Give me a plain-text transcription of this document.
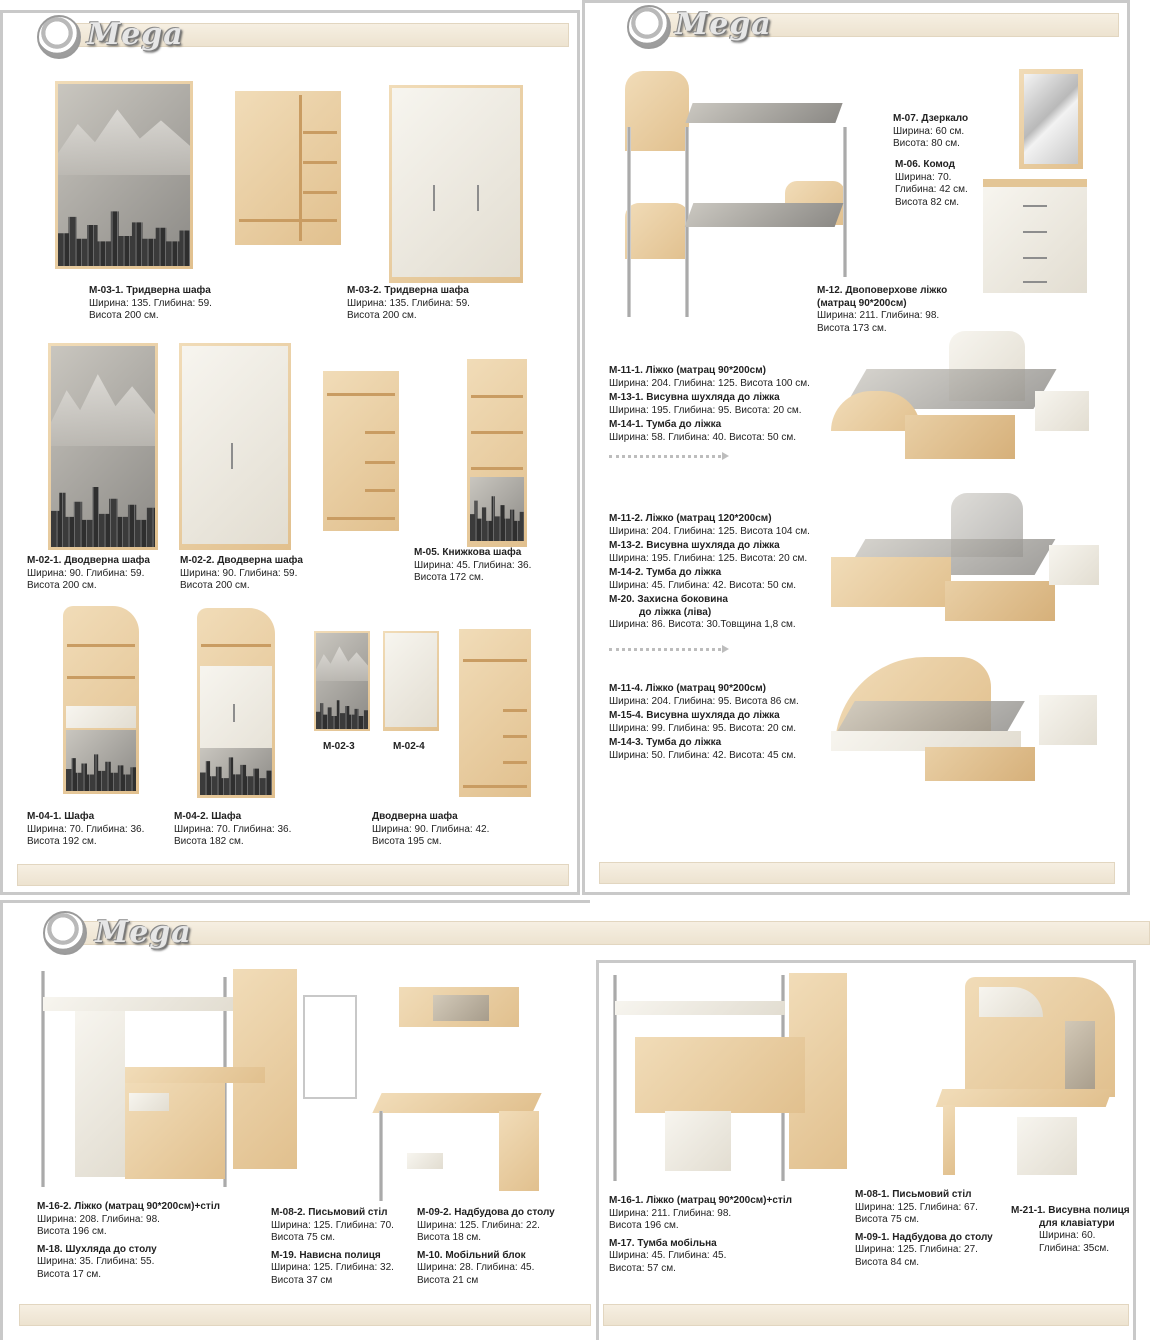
Mega
M-03-1. Тридверна шафа
Ширина: 135. Глибина: 59.
Висота 200 см.
M-03-2. Тридверна шафа
Ширина: 135. Глибина: 59.
Висота 200 см.
M-02-1. Дводверна шафа
Ширина: 90. Глибина: 59.
Висота 200 см.
M-02-2. Дводверна шафа
Ширина: 90. Глибина: 59.
Висота 200 см.
M-05. Книжкова шафа
Ширина: 45. Глибина: 36.
Висота 172 см.
M-02-3	M-02-4
M-04-1. Шафа
Ширина: 70. Глибина: 36.
Висота 192 см.
M-04-2. Шафа
Ширина: 70. Глибина: 36.
Висота 182 см.
Дводверна шафа
Ширина: 90. Глибина: 42.
Висота 195 см.
Mega
M-07. Дзеркало
Ширина: 60 см.
Висота: 80 см.
M-06. Комод
Ширина: 70.
Глибина: 42 см.
Висота 82 см.
M-12. Двоповерхове ліжко
(матрац 90*200см)
Ширина: 211. Глибина: 98.
Висота 173 см.
M-11-1. Ліжко (матрац 90*200см)
Ширина: 204. Глибина: 125. Висота 100 см.
M-13-1. Висувна шухляда до ліжка
Ширина: 195. Глибина: 95. Висота: 20 см.
M-14-1. Тумба до ліжка
Ширина: 58. Глибина: 40. Висота: 50 см.
M-11-2. Ліжко (матрац 120*200см)
Ширина: 204. Глибина: 125. Висота 104 см.
M-13-2. Висувна шухляда до ліжка
Ширина: 195. Глибина: 125. Висота: 20 см.
M-14-2. Тумба до ліжка
Ширина: 45. Глибина: 42. Висота: 50 см.
M-20. Захисна боковина
до ліжка (ліва)
Ширина: 86. Висота: 30.Товщина 1,8 см.
M-11-4. Ліжко (матрац 90*200см)
Ширина: 204. Глибина: 95. Висота 86 см.
M-15-4. Висувна шухляда до ліжка
Ширина: 99. Глибина: 95. Висота: 20 см.
M-14-3. Тумба до ліжка
Ширина: 50. Глибина: 42. Висота: 45 см.
Mega
M-16-2. Ліжко (матрац 90*200см)+стіл
Ширина: 208. Глибина: 98.
Висота 196 см.
M-18. Шухляда до столу
Ширина: 35. Глибина: 55.
Висота 17 см.
M-08-2. Письмовий стіл
Ширина: 125. Глибина: 70.
Висота 75 см.
M-19. Нависна полиця
Ширина: 125. Глибина: 32.
Висота 37 см
M-09-2. Надбудова до столу
Ширина: 125. Глибина: 22.
Висота 18 см.
M-10. Мобільний блок
Ширина: 28. Глибина: 45.
Висота 21 см
M-16-1. Ліжко (матрац 90*200см)+стіл
Ширина: 211. Глибина: 98.
Висота 196 см.
M-17. Тумба мобільна
Ширина: 45. Глибина: 45.
Висота: 57 см.
M-08-1. Письмовий стіл
Ширина: 125. Глибина: 67.
Висота 75 см.
M-09-1. Надбудова до столу
Ширина: 125. Глибина: 27.
Висота 84 см.
M-21-1. Висувна полиця
для клавіатури
Ширина: 60.
Глибина: 35см.
